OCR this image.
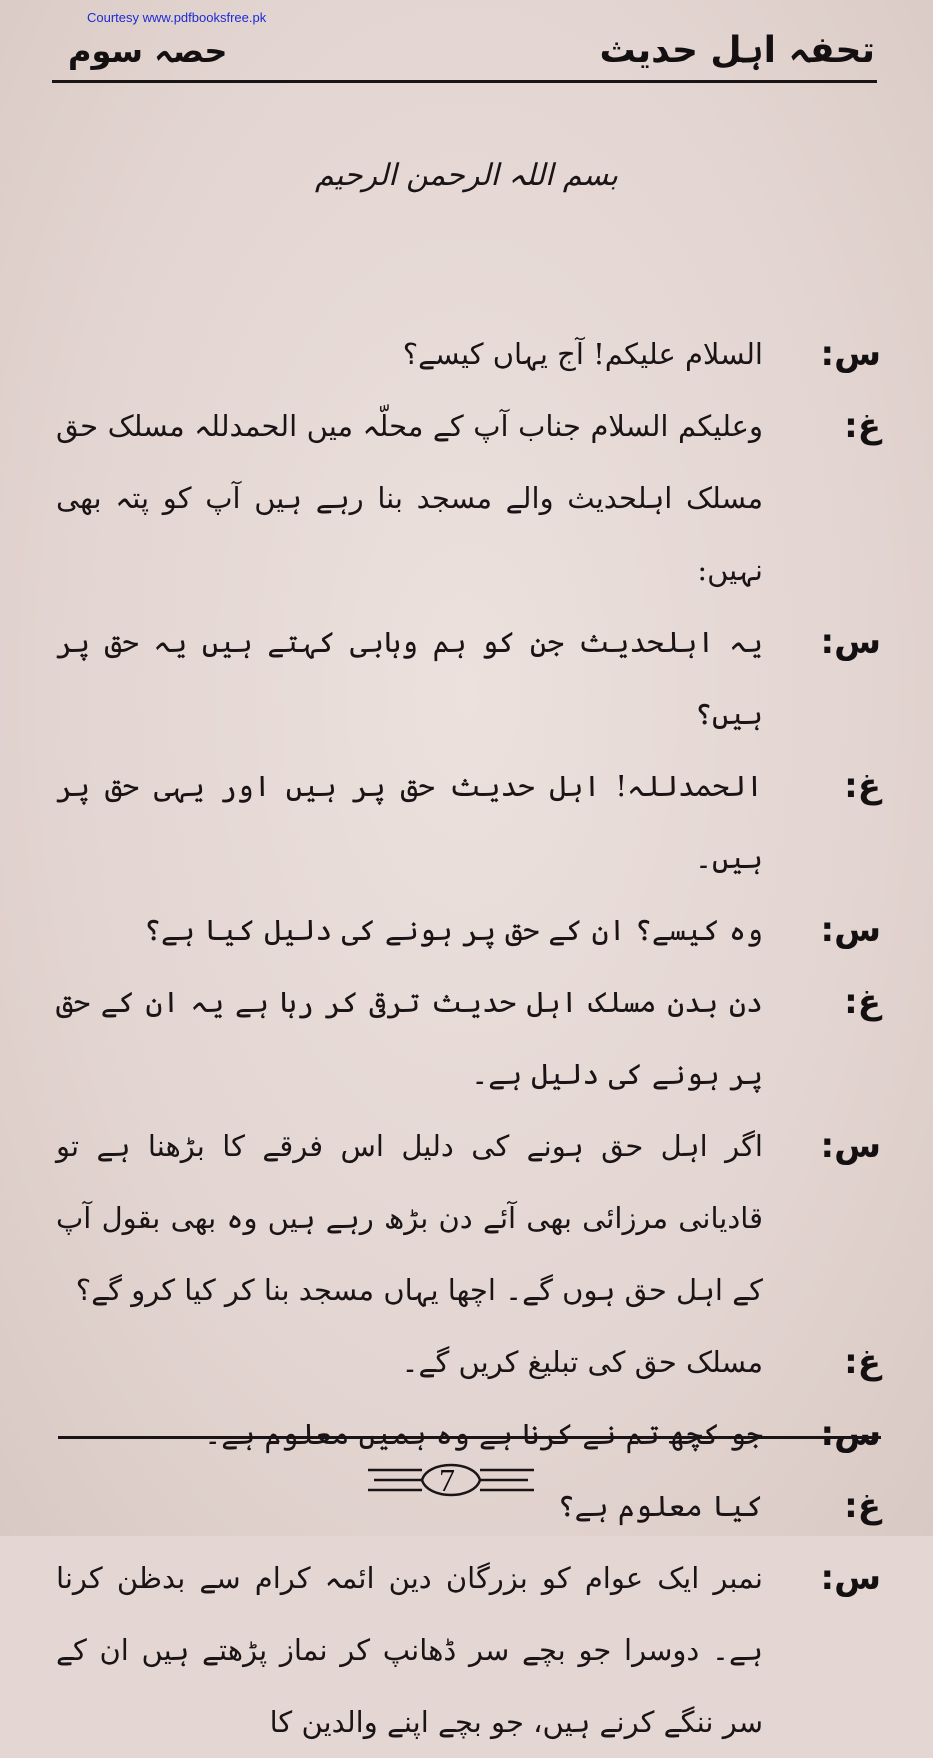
Courtesy www.pdfbooksfree.pk
تحفہ اہل حدیث
حصہ سوم
بسم اللہ الرحمن الرحیم
س:

السلام علیکم! آج یہاں کیسے؟

غ:

وعلیکم السلام جناب آپ کے محلّہ میں الحمدللہ مسلک حق مسلک اہلحدیث والے مسجد بنا رہے ہیں آپ کو پتہ بھی نہیں:

س:

یہ اہلحدیث جن کو ہم وہابی کہتے ہیں یہ حق پر ہیں؟

غ:

الحمدللہ! اہل حدیث حق پر ہیں اور یہی حق پر ہیں۔

س:

وہ کیسے؟ ان کے حق پر ہونے کی دلیل کیا ہے؟

غ:

دن بدن مسلک اہل حدیث ترقی کر رہا ہے یہ ان کے حق پر ہونے کی دلیل ہے۔

س:

اگر اہل حق ہونے کی دلیل اس فرقے کا بڑھنا ہے تو قادیانی مرزائی بھی آئے دن بڑھ رہے ہیں وہ بھی بقول آپ کے اہل حق ہوں گے۔ اچھا یہاں مسجد بنا کر کیا کرو گے؟

غ:

مسلک حق کی تبلیغ کریں گے۔

س:

جو کچھ تم نے کرنا ہے وہ ہمیں معلوم ہے۔

غ:

کیا معلوم ہے؟

س:

نمبر ایک عوام کو بزرگان دین ائمہ کرام سے بدظن کرنا ہے۔ دوسرا جو بچے سر ڈھانپ کر نماز پڑھتے ہیں ان کے سر ننگے کرنے ہیں، جو بچے اپنے والدین کا

7
